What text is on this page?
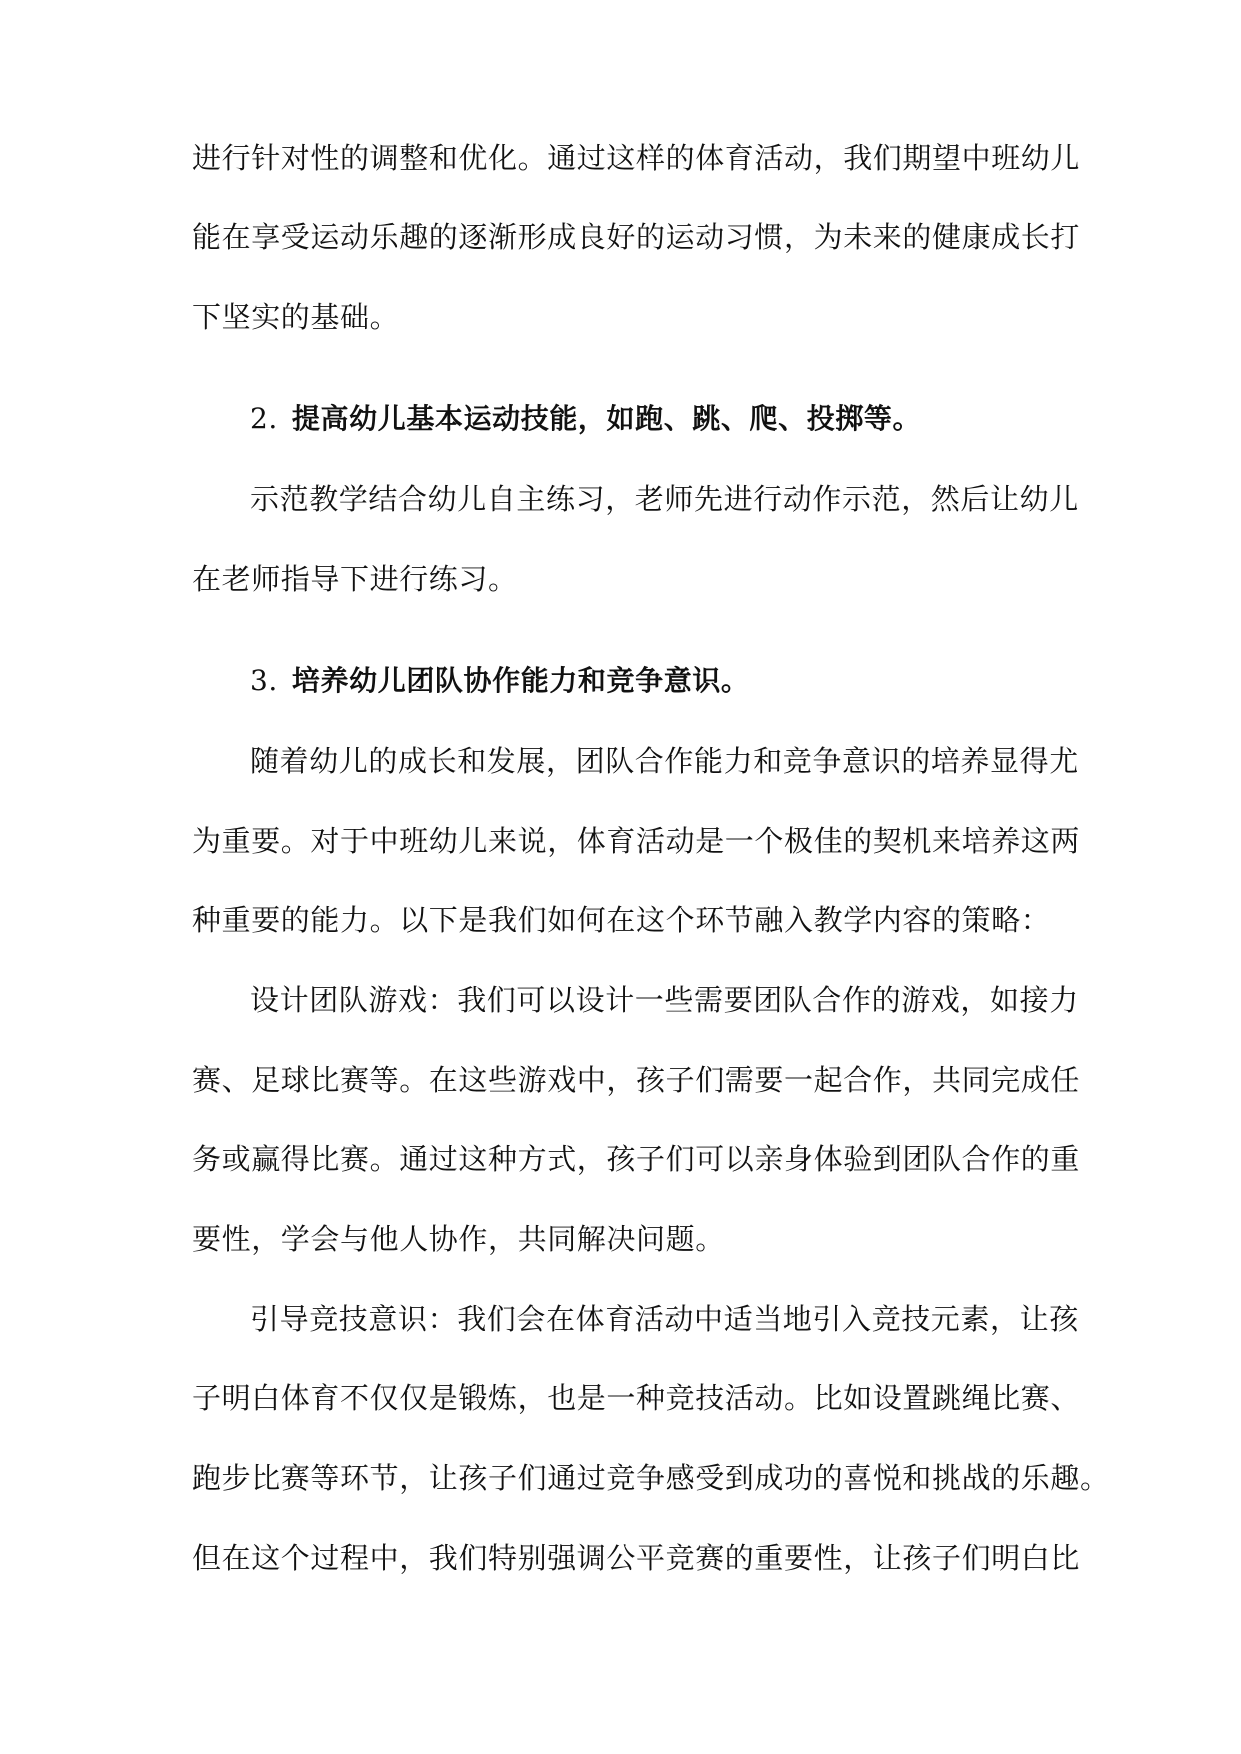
进行针对性的调整和优化。通过这样的体育活动，我们期望中班幼儿
能在享受运动乐趣的逐渐形成良好的运动习惯，为未来的健康成长打
下坚实的基础。
2. 提高幼儿基本运动技能，如跑、跳、爬、投掷等。
示范教学结合幼儿自主练习，老师先进行动作示范，然后让幼儿
在老师指导下进行练习。
3. 培养幼儿团队协作能力和竞争意识。
随着幼儿的成长和发展，团队合作能力和竞争意识的培养显得尤
为重要。对于中班幼儿来说，体育活动是一个极佳的契机来培养这两
种重要的能力。以下是我们如何在这个环节融入教学内容的策略：
设计团队游戏：我们可以设计一些需要团队合作的游戏，如接力
赛、足球比赛等。在这些游戏中，孩子们需要一起合作，共同完成任
务或赢得比赛。通过这种方式，孩子们可以亲身体验到团队合作的重
要性，学会与他人协作，共同解决问题。
引导竞技意识：我们会在体育活动中适当地引入竞技元素，让孩
子明白体育不仅仅是锻炼，也是一种竞技活动。比如设置跳绳比赛、
跑步比赛等环节，让孩子们通过竞争感受到成功的喜悦和挑战的乐趣。
但在这个过程中，我们特别强调公平竞赛的重要性，让孩子们明白比
